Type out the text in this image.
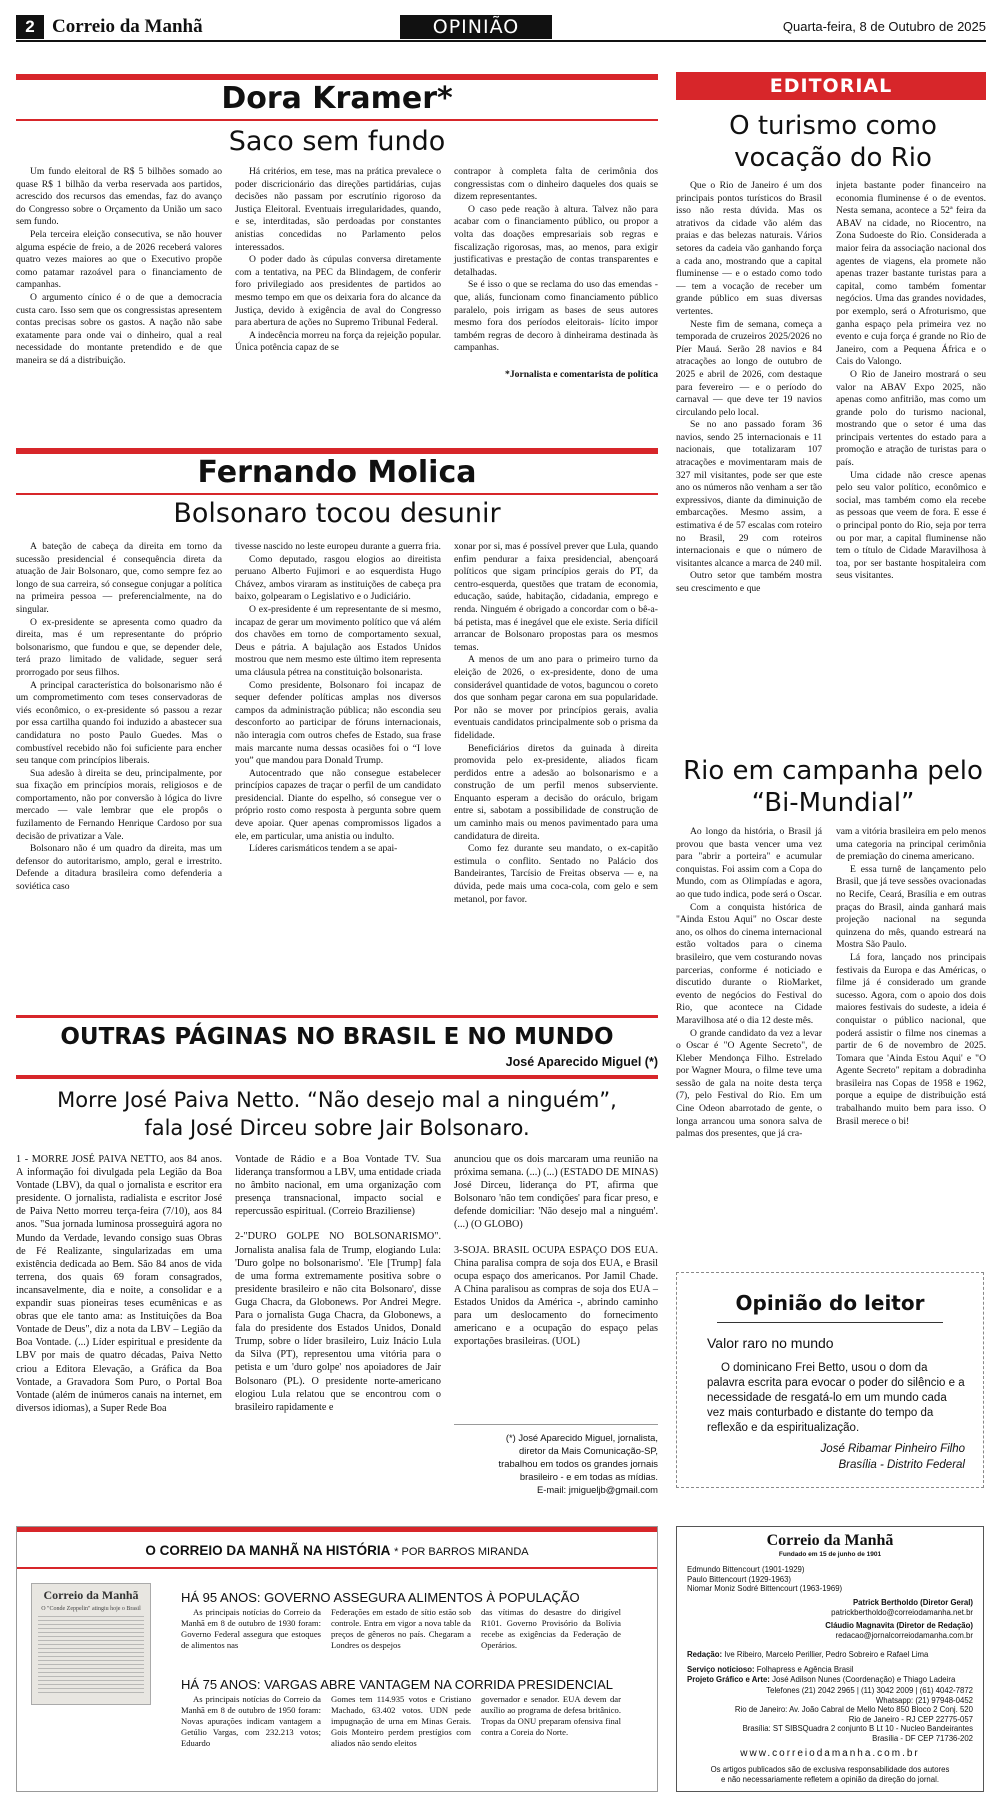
2 Correio da Manhã	OPINIÃO	Quarta-feira, 8 de Outubro de 2025
Dora Kramer*
Saco sem fundo

Um fundo eleitoral de R$ 5 bilhões somado ao quase R$ 1 bilhão da verba reservada aos partidos, acrescido dos recursos das emendas, faz do avanço do Congresso sobre o Orçamento da União um saco sem fundo.

Pela terceira eleição consecutiva, se não houver alguma espécie de freio, a de 2026 receberá valores quatro vezes maiores ao que o Executivo propõe como patamar razoável para o financiamento de campanhas.

O argumento cínico é o de que a democracia custa caro. Isso sem que os congressistas apresentem contas precisas sobre os gastos. A nação não sabe exatamente para onde vai o dinheiro, qual a real necessidade do montante pretendido e de que maneira se dá a distribuição.

Há critérios, em tese, mas na prática prevalece o poder discricionário das direções partidárias, cujas decisões não passam por escrutínio rigoroso da Justiça Eleitoral. Eventuais irregularidades, quando, e se, interditadas, são perdoadas por constantes anistias concedidas no Parlamento pelos interessados.

O poder dado às cúpulas conversa diretamente com a tentativa, na PEC da Blindagem, de conferir foro privilegiado aos presidentes de partidos ao mesmo tempo em que os deixaria fora do alcance da Justiça, devido à exigência de aval do Congresso para abertura de ações no Supremo Tribunal Federal.

A indecência morreu na força da rejeição popular. Única potência capaz de se

contrapor à completa falta de cerimônia dos congressistas com o dinheiro daqueles dos quais se dizem representantes.

O caso pede reação à altura. Talvez não para acabar com o financiamento público, ou propor a volta das doações empresariais sob regras e fiscalização rigorosas, mas, ao menos, para exigir justificativas e prestação de contas transparentes e detalhadas.

Se é isso o que se reclama do uso das emendas -que, aliás, funcionam como financiamento público paralelo, pois irrigam as bases de seus autores mesmo fora dos períodos eleitorais- lícito impor também regras de decoro à dinheirama destinada às campanhas.

*Jornalista e comentarista de política

Fernando Molica
Bolsonaro tocou desunir

A bateção de cabeça da direita em torno da sucessão presidencial é consequência direta da atuação de Jair Bolsonaro, que, como sempre fez ao longo de sua carreira, só consegue conjugar a política na primeira pessoa — preferencialmente, na do singular.

O ex-presidente se apresenta como quadro da direita, mas é um representante do próprio bolsonarismo, que fundou e que, se depender dele, terá prazo limitado de validade, seguer será prorrogado por seus filhos.

A principal característica do bolsonarismo não é um comprometimento com teses conservadoras de viés econômico, o ex-presidente só passou a rezar por essa cartilha quando foi induzido a abastecer sua candidatura no posto Paulo Guedes. Mas o combustível recebido não foi suficiente para encher seu tanque com princípios liberais.

Sua adesão à direita se deu, principalmente, por sua fixação em princípios morais, religiosos e de comportamento, não por conversão à lógica do livre mercado — vale lembrar que ele propôs o fuzilamento de Fernando Henrique Cardoso por sua decisão de privatizar a Vale.

Bolsonaro não é um quadro da direita, mas um defensor do autoritarismo, amplo, geral e irrestrito. Defende a ditadura brasileira como defenderia a soviética caso

tivesse nascido no leste europeu durante a guerra fria.

Como deputado, rasgou elogios ao direitista peruano Alberto Fujimori e ao esquerdista Hugo Chávez, ambos viraram as instituições de cabeça pra baixo, golpearam o Legislativo e o Judiciário.

O ex-presidente é um representante de si mesmo, incapaz de gerar um movimento político que vá além dos chavões em torno de comportamento sexual, Deus e pátria. A bajulação aos Estados Unidos mostrou que nem mesmo este último item representa uma cláusula pétrea na constituição bolsonarista.

Como presidente, Bolsonaro foi incapaz de sequer defender políticas amplas nos diversos campos da administração pública; não escondia seu desconforto ao participar de fóruns internacionais, não interagia com outros chefes de Estado, sua frase mais marcante numa dessas ocasiões foi o “I love you” que mandou para Donald Trump.

Autocentrado que não consegue estabelecer princípios capazes de traçar o perfil de um candidato presidencial. Diante do espelho, só consegue ver o próprio rosto como resposta à pergunta sobre quem deve apoiar. Quer apenas compromissos ligados a ele, em particular, uma anistia ou indulto.

Líderes carismáticos tendem a se apai-

xonar por si, mas é possível prever que Lula, quando enfim pendurar a faixa presidencial, abençoará políticos que sigam princípios gerais do PT, da centro-esquerda, questões que tratam de economia, educação, saúde, habitação, cidadania, emprego e renda. Ninguém é obrigado a concordar com o bê-a-bá petista, mas é inegável que ele existe. Seria difícil arrancar de Bolsonaro propostas para os mesmos temas.

A menos de um ano para o primeiro turno da eleição de 2026, o ex-presidente, dono de uma considerável quantidade de votos, baguncou o coreto dos que sonham pegar carona em sua popularidade. Por não se mover por princípios gerais, avalia eventuais candidatos principalmente sob o prisma da fidelidade.

Beneficiários diretos da guinada à direita promovida pelo ex-presidente, aliados ficam perdidos entre a adesão ao bolsonarismo e a construção de um perfil menos subserviente. Enquanto esperam a decisão do oráculo, brigam entre si, sabotam a possibilidade de construção de um caminho mais ou menos pavimentado para uma candidatura de direita.

Como fez durante seu mandato, o ex-capitão estimula o conflito. Sentado no Palácio dos Bandeirantes, Tarcísio de Freitas observa — e, na dúvida, pede mais uma coca-cola, com gelo e sem metanol, por favor.

OUTRAS PÁGINAS NO BRASIL E NO MUNDO
José Aparecido Miguel (*)
Morre José Paiva Netto. “Não desejo mal a ninguém”, fala José Dirceu sobre Jair Bolsonaro.

1 - MORRE JOSÉ PAIVA NETTO, aos 84 anos. A informação foi divulgada pela Legião da Boa Vontade (LBV), da qual o jornalista e escritor era presidente. O jornalista, radialista e escritor José de Paiva Netto morreu terça-feira (7/10), aos 84 anos. "Sua jornada luminosa prosseguirá agora no Mundo da Verdade, levando consigo suas Obras de Fé Realizante, singularizadas em uma existência dedicada ao Bem. São 84 anos de vida terrena, dos quais 69 foram consagrados, incansavelmente, dia e noite, a consolidar e a expandir suas pioneiras teses ecumênicas e as obras que ele tanto ama: as Instituições da Boa Vontade de Deus", diz a nota da LBV – Legião da Boa Vontade. (...) Líder espiritual e presidente da LBV por mais de quatro décadas, Paiva Netto criou a Editora Elevação, a Gráfica da Boa Vontade, a Gravadora Som Puro, o Portal Boa Vontade (além de inúmeros canais na internet, em diversos idiomas), a Super Rede Boa

Vontade de Rádio e a Boa Vontade TV. Sua liderança transformou a LBV, uma entidade criada no âmbito nacional, em uma organização com presença transnacional, impacto social e repercussão espiritual. (Correio Braziliense)

2-"DURO GOLPE NO BOLSONARISMO". Jornalista analisa fala de Trump, elogiando Lula: 'Duro golpe no bolsonarismo'. 'Ele [Trump] fala de uma forma extremamente positiva sobre o presidente brasileiro e não cita Bolsonaro', disse Guga Chacra, da Globonews. Por Andrei Megre. Para o jornalista Guga Chacra, da Globonews, a fala do presidente dos Estados Unidos, Donald Trump, sobre o líder brasileiro, Luiz Inácio Lula da Silva (PT), representou uma vitória para o petista e um 'duro golpe' nos apoiadores de Jair Bolsonaro (PL). O presidente norte-americano elogiou Lula relatou que se encontrou com o brasileiro rapidamente e

anunciou que os dois marcaram uma reunião na próxima semana. (...) (...) (ESTADO DE MINAS) José Dirceu, liderança do PT, afirma que Bolsonaro 'não tem condições' para ficar preso, e defende domiciliar: 'Não desejo mal a ninguém'. (...) (O GLOBO)

3-SOJA. BRASIL OCUPA ESPAÇO DOS EUA. China paralisa compra de soja dos EUA, e Brasil ocupa espaço dos americanos. Por Jamil Chade. A China paralisou as compras de soja dos EUA – Estados Unidos da América -, abrindo caminho para um deslocamento do fornecimento americano e a ocupação do espaço pelas exportações brasileiras. (UOL)

(*) José Aparecido Miguel, jornalista,
diretor da Mais Comunicação-SP,
trabalhou em todos os grandes jornais
brasileiro - e em todas as mídias.
E-mail: jmigueljb@gmail.com
EDITORIAL
O turismo como vocação do Rio

Que o Rio de Janeiro é um dos principais pontos turísticos do Brasil isso não resta dúvida. Mas os atrativos da cidade vão além das praias e das belezas naturais. Vários setores da cadeia vão ganhando força a cada ano, mostrando que a capital fluminense — e o estado como todo — tem a vocação de receber um grande público em suas diversas vertentes.

Neste fim de semana, começa a temporada de cruzeiros 2025/2026 no Píer Mauá. Serão 28 navios e 84 atracações ao longo de outubro de 2025 e abril de 2026, com destaque para fevereiro — e o período do carnaval — que deve ter 19 navios circulando pelo local.

Se no ano passado foram 36 navios, sendo 25 internacionais e 11 nacionais, que totalizaram 107 atracações e movimentaram mais de 327 mil visitantes, pode ser que este ano os números não venham a ser tão expressivos, diante da diminuição de embarcações. Mesmo assim, a estimativa é de 57 escalas com roteiro no Brasil, 29 com roteiros internacionais e que o número de visitantes alcance a marca de 240 mil.

Outro setor que também mostra seu crescimento e que

injeta bastante poder financeiro na economia fluminense é o de eventos. Nesta semana, acontece a 52ª feira da ABAV na cidade, no Riocentro, na Zona Sudoeste do Rio. Considerada a maior feira da associação nacional dos agentes de viagens, ela promete não apenas trazer bastante turistas para a capital, como também fomentar negócios. Uma das grandes novidades, por exemplo, será o Afroturismo, que ganha espaço pela primeira vez no evento e cuja força é grande no Rio de Janeiro, com a Pequena África e o Cais do Valongo.

O Rio de Janeiro mostrará o seu valor na ABAV Expo 2025, não apenas como anfitrião, mas como um grande polo do turismo nacional, mostrando que o setor é uma das principais vertentes do estado para a promoção e atração de turistas para o país.

Uma cidade não cresce apenas pelo seu valor político, econômico e social, mas também como ela recebe as pessoas que veem de fora. E esse é o principal ponto do Rio, seja por terra ou por mar, a capital fluminense não tem o título de Cidade Maravilhosa à toa, por ser bastante hospitaleira com seus visitantes.

Rio em campanha pelo “Bi-Mundial”

Ao longo da história, o Brasil já provou que basta vencer uma vez para "abrir a porteira" e acumular conquistas. Foi assim com a Copa do Mundo, com as Olimpíadas e agora, ao que tudo indica, pode será o Oscar.

Com a conquista histórica de "Ainda Estou Aqui" no Oscar deste ano, os olhos do cinema internacional estão voltados para o cinema brasileiro, que vem costurando novas parcerias, conforme é noticiado e discutido durante o RioMarket, evento de negócios do Festival do Rio, que acontece na Cidade Maravilhosa até o dia 12 deste mês.

O grande candidato da vez a levar o Oscar é "O Agente Secreto", de Kleber Mendonça Filho. Estrelado por Wagner Moura, o filme teve uma sessão de gala na noite desta terça (7), pelo Festival do Rio. Em um Cine Odeon abarrotado de gente, o longa arrancou uma sonora salva de palmas dos presentes, que já cra-

vam a vitória brasileira em pelo menos uma categoria na principal cerimônia de premiação do cinema americano.

E essa turnê de lançamento pelo Brasil, que já teve sessões ovacionadas no Recife, Ceará, Brasília e em outras praças do Brasil, ainda ganhará mais projeção nacional na segunda quinzena do mês, quando estreará na Mostra São Paulo.

Lá fora, lançado nos principais festivais da Europa e das Américas, o filme já é considerado um grande sucesso. Agora, com o apoio dos dois maiores festivais do sudeste, a ideia é conquistar o público nacional, que poderá assistir o filme nos cinemas a partir de 6 de novembro de 2025. Tomara que 'Ainda Estou Aqui' e "O Agente Secreto" repitam a dobradinha brasileira nas Copas de 1958 e 1962, porque a equipe de distribuição está trabalhando muito bem para isso. O Brasil merece o bi!

Opinião do leitor
Valor raro no mundo
O dominicano Frei Betto, usou o dom da palavra escrita para evocar o poder do silêncio e a necessidade de resgatá-lo em um mundo cada vez mais conturbado e distante do tempo da reflexão e da espiritualização.
José Ribamar Pinheiro Filho
Brasília - Distrito Federal
O CORREIO DA MANHÃ NA HISTÓRIA * POR BARROS MIRANDA
Correio da Manhã
O "Conde Zeppelin" atingiu hoje o Brasil
HÁ 95 ANOS: GOVERNO ASSEGURA ALIMENTOS À POPULAÇÃO
As principais notícias do Correio da Manhã em 8 de outubro de 1930 foram: Governo Federal assegura que estoques de alimentos nas
Federações em estado de sítio estão sob controle. Entra em vigor a nova table da preços de gêneros no país. Chegaram a Londres os despejos
das vítimas do desastre do dirigível R101. Governo Provisório da Bolívia recebe as exigências da Federação de Operários.
HÁ 75 ANOS: VARGAS ABRE VANTAGEM NA CORRIDA PRESIDENCIAL
As principais notícias do Correio da Manhã em 8 de outubro de 1950 foram: Novas apurações indicam vantagem a Getúlio Vargas, com 232.213 votos; Eduardo
Gomes tem 114.935 votos e Cristiano Machado, 63.402 votos. UDN pede impugnação de urna em Minas Gerais. Gois Monteiro perdem prestígios com aliados não sendo eleitos
governador e senador. EUA devem dar auxílio ao programa de defesa britânico. Tropas da ONU preparam ofensiva final contra a Coreia do Norte.
Correio da Manhã
Fundado em 15 de junho de 1901
Edmundo Bittencourt (1901-1929)
Paulo Bittencourt (1929-1963)
Niomar Moniz Sodré Bittencourt (1963-1969)
Patrick Bertholdo (Diretor Geral)
patrickbertholdo@correiodamanha.net.br
Cláudio Magnavita (Diretor de Redação)
redacao@jornalcorreiodamanha.com.br
Redação: Ive Ribeiro, Marcelo Perillier, Pedro Sobreiro e Rafael Lima
Serviço noticioso: Folhapress e Agência Brasil
Projeto Gráfico e Arte: José Adilson Nunes (Coordenação) e Thiago Ladeira
Telefones (21) 2042 2965 | (11) 3042 2009 | (61) 4042-7872
Whatsapp: (21) 97948-0452
Rio de Janeiro: Av. João Cabral de Mello Neto 850 Bloco 2 Conj. 520
Rio de Janeiro - RJ CEP 22775-057
Brasília: ST SIBSQuadra 2 conjunto B Lt 10 - Nucleo Bandeirantes
Brasília - DF CEP 71736-202
www.correiodamanha.com.br
Os artigos publicados são de exclusiva responsabilidade dos autores
e não necessariamente refletem a opinião da direção do jornal.
